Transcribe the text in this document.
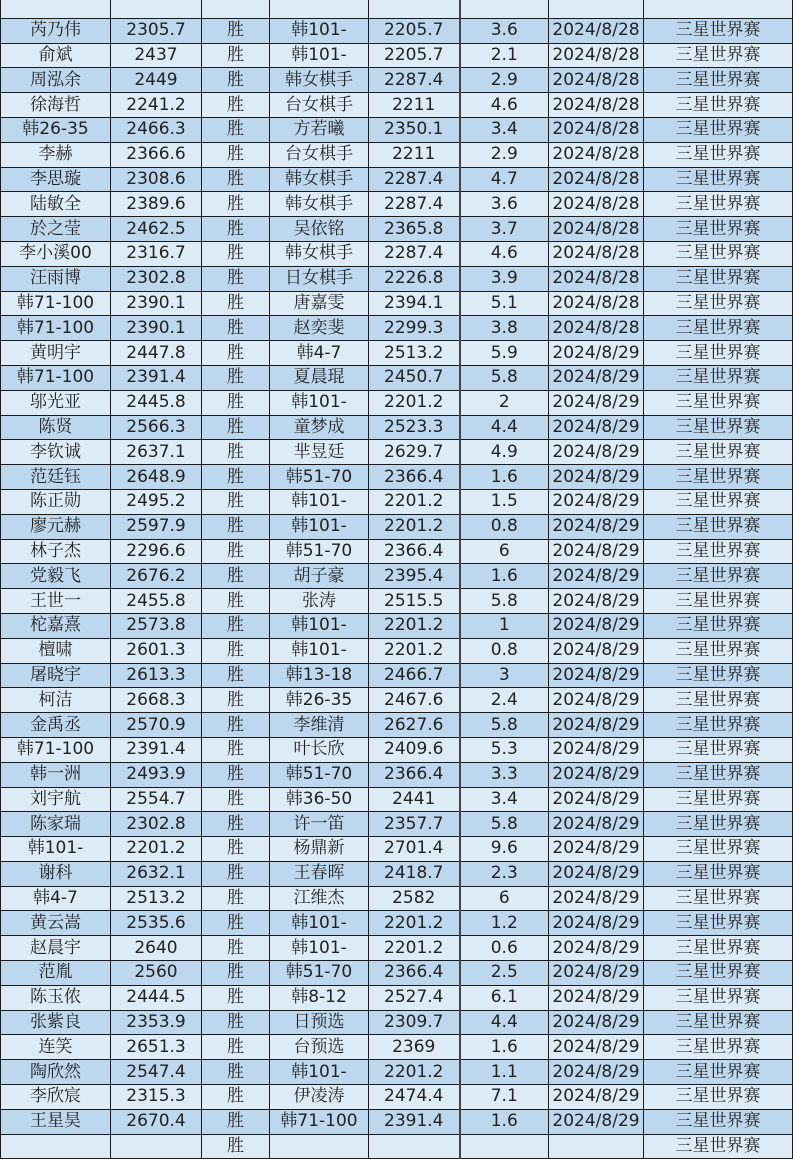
芮乃伟	2305.7	胜	韩101-	2205.7	3.6	2024/8/28	三星世界赛
俞斌	2437	胜	韩101-	2205.7	2.1	2024/8/28	三星世界赛
周泓余	2449	胜	韩女棋手	2287.4	2.9	2024/8/28	三星世界赛
徐海哲	2241.2	胜	台女棋手	2211	4.6	2024/8/28	三星世界赛
韩26-35	2466.3	胜	方若曦	2350.1	3.4	2024/8/28	三星世界赛
李赫	2366.6	胜	台女棋手	2211	2.9	2024/8/28	三星世界赛
李思璇	2308.6	胜	韩女棋手	2287.4	4.7	2024/8/28	三星世界赛
陆敏全	2389.6	胜	韩女棋手	2287.4	3.6	2024/8/28	三星世界赛
於之莹	2462.5	胜	吴依铭	2365.8	3.7	2024/8/28	三星世界赛
李小溪00	2316.7	胜	韩女棋手	2287.4	4.6	2024/8/28	三星世界赛
汪雨博	2302.8	胜	日女棋手	2226.8	3.9	2024/8/28	三星世界赛
韩71-100	2390.1	胜	唐嘉雯	2394.1	5.1	2024/8/28	三星世界赛
韩71-100	2390.1	胜	赵奕斐	2299.3	3.8	2024/8/28	三星世界赛
黄明宇	2447.8	胜	韩4-7	2513.2	5.9	2024/8/29	三星世界赛
韩71-100	2391.4	胜	夏晨琨	2450.7	5.8	2024/8/29	三星世界赛
邬光亚	2445.8	胜	韩101-	2201.2	2	2024/8/29	三星世界赛
陈贤	2566.3	胜	童梦成	2523.3	4.4	2024/8/29	三星世界赛
李钦诚	2637.1	胜	芈昱廷	2629.7	4.9	2024/8/29	三星世界赛
范廷钰	2648.9	胜	韩51-70	2366.4	1.6	2024/8/29	三星世界赛
陈正勋	2495.2	胜	韩101-	2201.2	1.5	2024/8/29	三星世界赛
廖元赫	2597.9	胜	韩101-	2201.2	0.8	2024/8/29	三星世界赛
林子杰	2296.6	胜	韩51-70	2366.4	6	2024/8/29	三星世界赛
党毅飞	2676.2	胜	胡子豪	2395.4	1.6	2024/8/29	三星世界赛
王世一	2455.8	胜	张涛	2515.5	5.8	2024/8/29	三星世界赛
柁嘉熹	2573.8	胜	韩101-	2201.2	1	2024/8/29	三星世界赛
檀啸	2601.3	胜	韩101-	2201.2	0.8	2024/8/29	三星世界赛
屠晓宇	2613.3	胜	韩13-18	2466.7	3	2024/8/29	三星世界赛
柯洁	2668.3	胜	韩26-35	2467.6	2.4	2024/8/29	三星世界赛
金禹丞	2570.9	胜	李维清	2627.6	5.8	2024/8/29	三星世界赛
韩71-100	2391.4	胜	叶长欣	2409.6	5.3	2024/8/29	三星世界赛
韩一洲	2493.9	胜	韩51-70	2366.4	3.3	2024/8/29	三星世界赛
刘宇航	2554.7	胜	韩36-50	2441	3.4	2024/8/29	三星世界赛
陈家瑞	2302.8	胜	许一笛	2357.7	5.8	2024/8/29	三星世界赛
韩101-	2201.2	胜	杨鼎新	2701.4	9.6	2024/8/29	三星世界赛
谢科	2632.1	胜	王春晖	2418.7	2.3	2024/8/29	三星世界赛
韩4-7	2513.2	胜	江维杰	2582	6	2024/8/29	三星世界赛
黄云嵩	2535.6	胜	韩101-	2201.2	1.2	2024/8/29	三星世界赛
赵晨宇	2640	胜	韩101-	2201.2	0.6	2024/8/29	三星世界赛
范胤	2560	胜	韩51-70	2366.4	2.5	2024/8/29	三星世界赛
陈玉侬	2444.5	胜	韩8-12	2527.4	6.1	2024/8/29	三星世界赛
张紫良	2353.9	胜	日预选	2309.7	4.4	2024/8/29	三星世界赛
连笑	2651.3	胜	台预选	2369	1.6	2024/8/29	三星世界赛
陶欣然	2547.4	胜	韩101-	2201.2	1.1	2024/8/29	三星世界赛
李欣宸	2315.3	胜	伊凌涛	2474.4	7.1	2024/8/29	三星世界赛
王星昊	2670.4	胜	韩71-100	2391.4	1.6	2024/8/29	三星世界赛
		胜					三星世界赛
